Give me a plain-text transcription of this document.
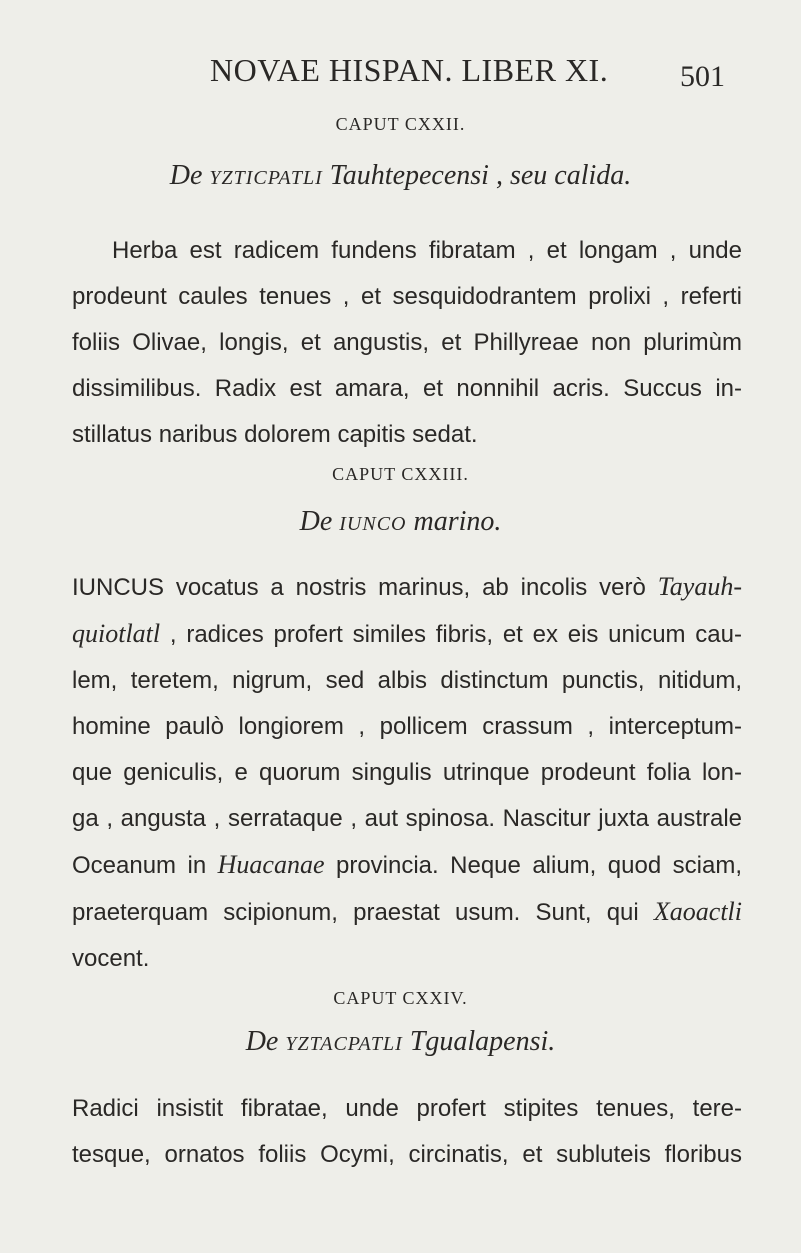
NOVAE HISPAN. LIBER XI. 501
CAPUT CXXII.
De YZTICPATLI Tauhtepecensi , seu calida.
Herba est radicem fundens fibratam , et longam , unde
prodeunt caules tenues , et sesquidodrantem prolixi , referti
foliis Olivae, longis, et angustis, et Phillyreae non plurimùm
dissimilibus. Radix est amara, et nonnihil acris. Succus in-
stillatus naribus dolorem capitis sedat.
CAPUT CXXIII.
De IUNCO marino.
IUNCUS vocatus a nostris marinus, ab incolis verò Tayauh-
quiotlatl , radices profert similes fibris, et ex eis unicum cau-
lem, teretem, nigrum, sed albis distinctum punctis, nitidum,
homine paulò longiorem , pollicem crassum , interceptum-
que geniculis, e quorum singulis utrinque prodeunt folia lon-
ga , angusta , serrataque , aut spinosa. Nascitur juxta australe
Oceanum in Huacanae provincia. Neque alium, quod sciam,
praeterquam scipionum, praestat usum. Sunt, qui Xaoactli
vocent.
CAPUT CXXIV.
De YZTACPATLI Tgualapensi.
Radici insistit fibratae, unde profert stipites tenues, tere-
tesque, ornatos foliis Ocymi, circinatis, et subluteis floribus
